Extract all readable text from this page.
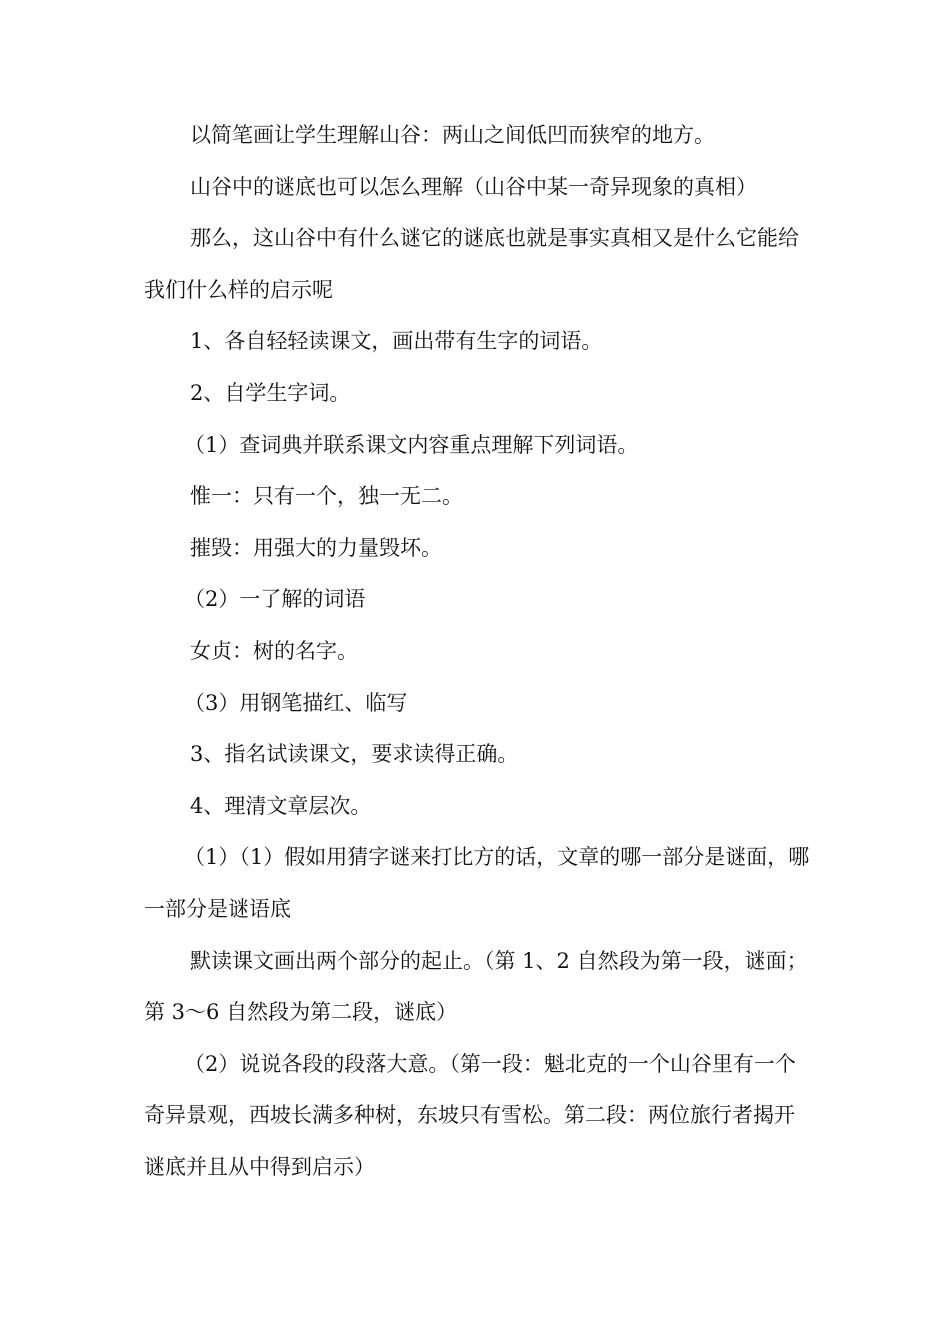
以简笔画让学生理解山谷：两山之间低凹而狭窄的地方。

山谷中的谜底也可以怎么理解（山谷中某一奇异现象的真相）

那么，这山谷中有什么谜它的谜底也就是事实真相又是什么它能给我们什么样的启示呢

1、各自轻轻读课文，画出带有生字的词语。

2、自学生字词。

（1）查词典并联系课文内容重点理解下列词语。

惟一：只有一个，独一无二。

摧毁：用强大的力量毁坏。

（2）一了解的词语

女贞：树的名字。

（3）用钢笔描红、临写

3、指名试读课文，要求读得正确。

4、理清文章层次。

（1）（1）假如用猜字谜来打比方的话，文章的哪一部分是谜面，哪一部分是谜语底

默读课文画出两个部分的起止。（第 1、2 自然段为第一段，谜面；第 3～6 自然段为第二段，谜底）

（2）说说各段的段落大意。（第一段：魁北克的一个山谷里有一个奇异景观，西坡长满多种树，东坡只有雪松。第二段：两位旅行者揭开谜底并且从中得到启示）
